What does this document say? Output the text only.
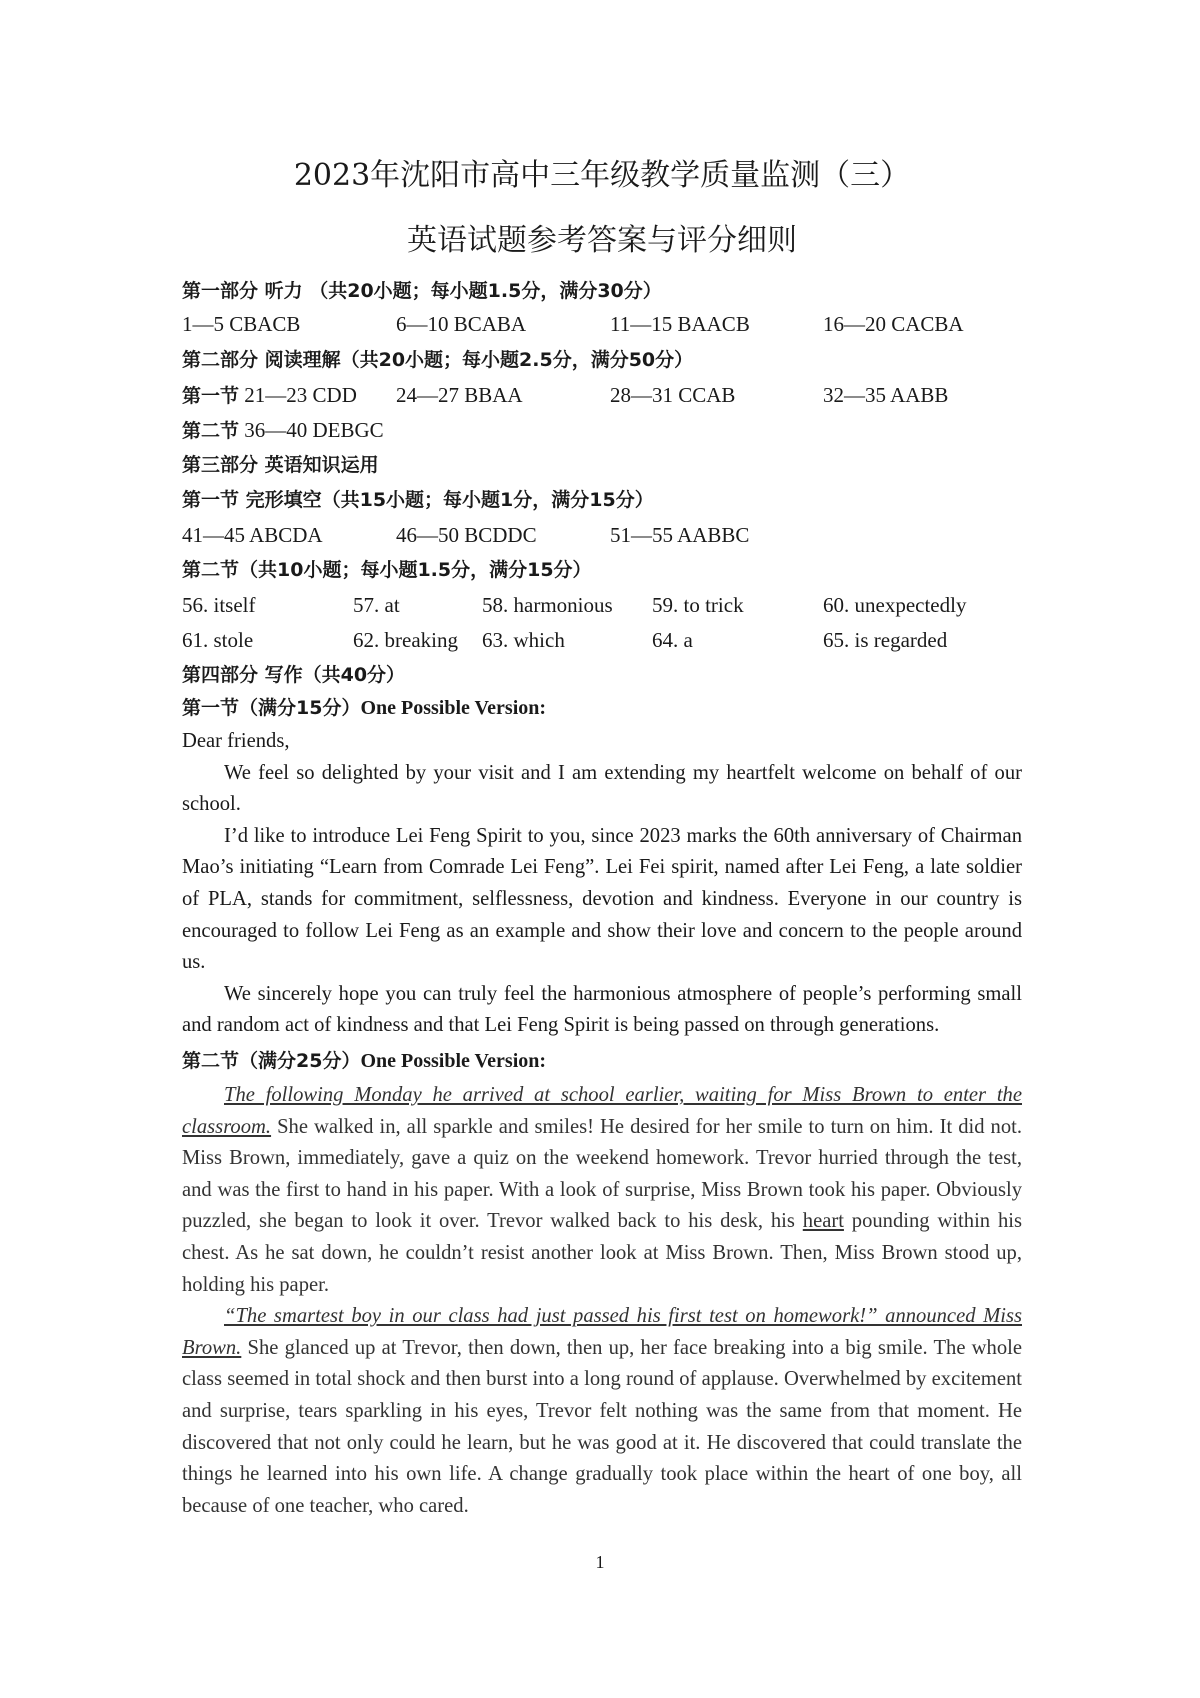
2023年沈阳市高中三年级教学质量监测（三）
英语试题参考答案与评分细则
第一部分 听力 （共20小题；每小题1.5分，满分30分）
1—5 CBACB	6—10 BCABA	11—15 BAACB	16—20 CACBA
第二部分 阅读理解（共20小题；每小题2.5分，满分50分）
第一节 21—23 CDD 24—27 BBAA	28—31 CCAB	32—35 AABB
第二节 36—40 DEBGC
第三部分 英语知识运用
第一节 完形填空（共15小题；每小题1分，满分15分）
41—45 ABCDA	46—50 BCDDC	51—55 AABBC
第二节（共10小题；每小题1.5分，满分15分）
56. itself	57. at	58. harmonious 59. to trick	60. unexpectedly
61. stole	62. breaking 63. which	64. a	65. is regarded
第四部分 写作（共40分）
第一节（满分15分）One Possible Version:

Dear friends,

We feel so delighted by your visit and I am extending my heartfelt welcome on behalf of our school.

I’d like to introduce Lei Feng Spirit to you, since 2023 marks the 60th anniversary of Chairman Mao’s initiating “Learn from Comrade Lei Feng”. Lei Fei spirit, named after Lei Feng, a late soldier of PLA, stands for commitment, selflessness, devotion and kindness. Everyone in our country is encouraged to follow Lei Feng as an example and show their love and concern to the people around us.

We sincerely hope you can truly feel the harmonious atmosphere of people’s performing small and random act of kindness and that Lei Feng Spirit is being passed on through generations.

第二节（满分25分）One Possible Version:

The following Monday he arrived at school earlier, waiting for Miss Brown to enter the classroom. She walked in, all sparkle and smiles! He desired for her smile to turn on him. It did not. Miss Brown, immediately, gave a quiz on the weekend homework. Trevor hurried through the test, and was the first to hand in his paper. With a look of surprise, Miss Brown took his paper. Obviously puzzled, she began to look it over. Trevor walked back to his desk, his heart pounding within his chest. As he sat down, he couldn’t resist another look at Miss Brown. Then, Miss Brown stood up, holding his paper.

“The smartest boy in our class had just passed his first test on homework!” announced Miss Brown. She glanced up at Trevor, then down, then up, her face breaking into a big smile. The whole class seemed in total shock and then burst into a long round of applause. Overwhelmed by excitement and surprise, tears sparkling in his eyes, Trevor felt nothing was the same from that moment. He discovered that not only could he learn, but he was good at it. He discovered that could translate the things he learned into his own life. A change gradually took place within the heart of one boy, all because of one teacher, who cared.

1
